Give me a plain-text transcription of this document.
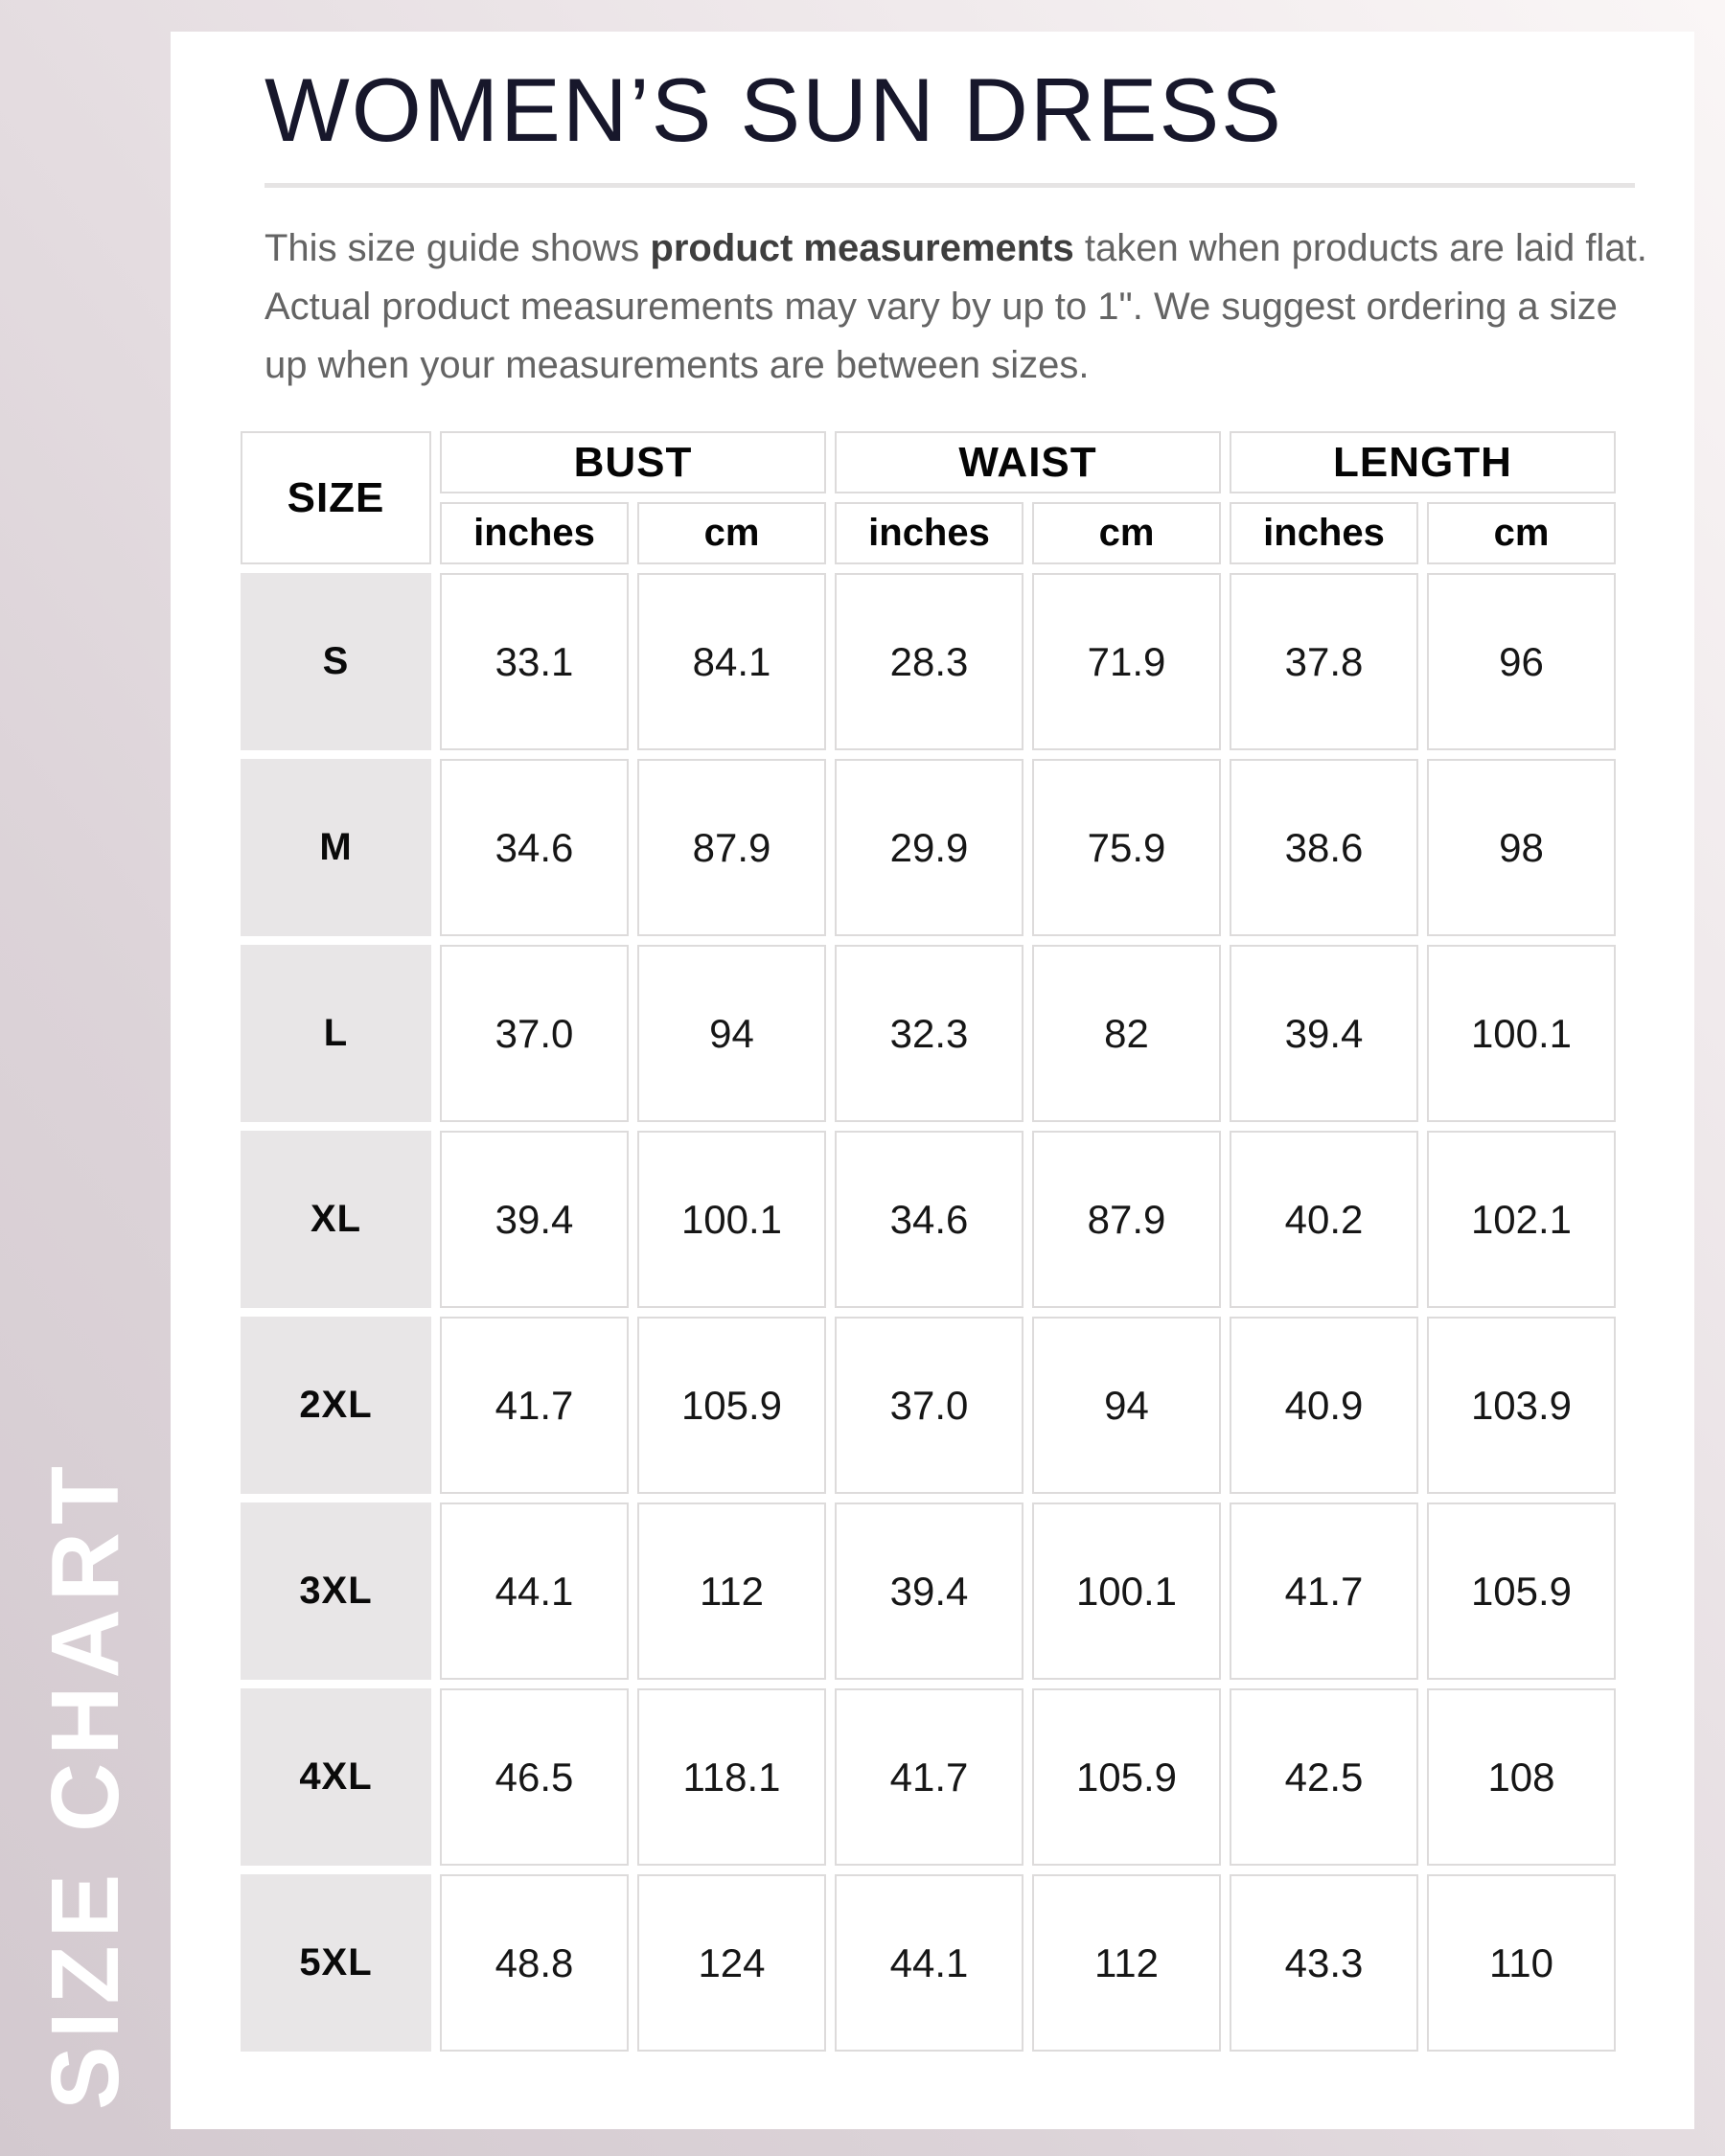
SIZE CHART
WOMEN’S SUN DRESS
This size guide shows product measurements taken when products are laid flat.
Actual product measurements may vary by up to 1". We suggest ordering a size
up when your measurements are between sizes.
SIZE	BUST		WAIST		LENGTH	
	inches	cm	inches	cm	inches	cm
S	33.1	84.1	28.3	71.9	37.8	96
M	34.6	87.9	29.9	75.9	38.6	98
L	37.0	94	32.3	82	39.4	100.1
XL	39.4	100.1	34.6	87.9	40.2	102.1
2XL	41.7	105.9	37.0	94	40.9	103.9
3XL	44.1	112	39.4	100.1	41.7	105.9
4XL	46.5	118.1	41.7	105.9	42.5	108
5XL	48.8	124	44.1	112	43.3	110
